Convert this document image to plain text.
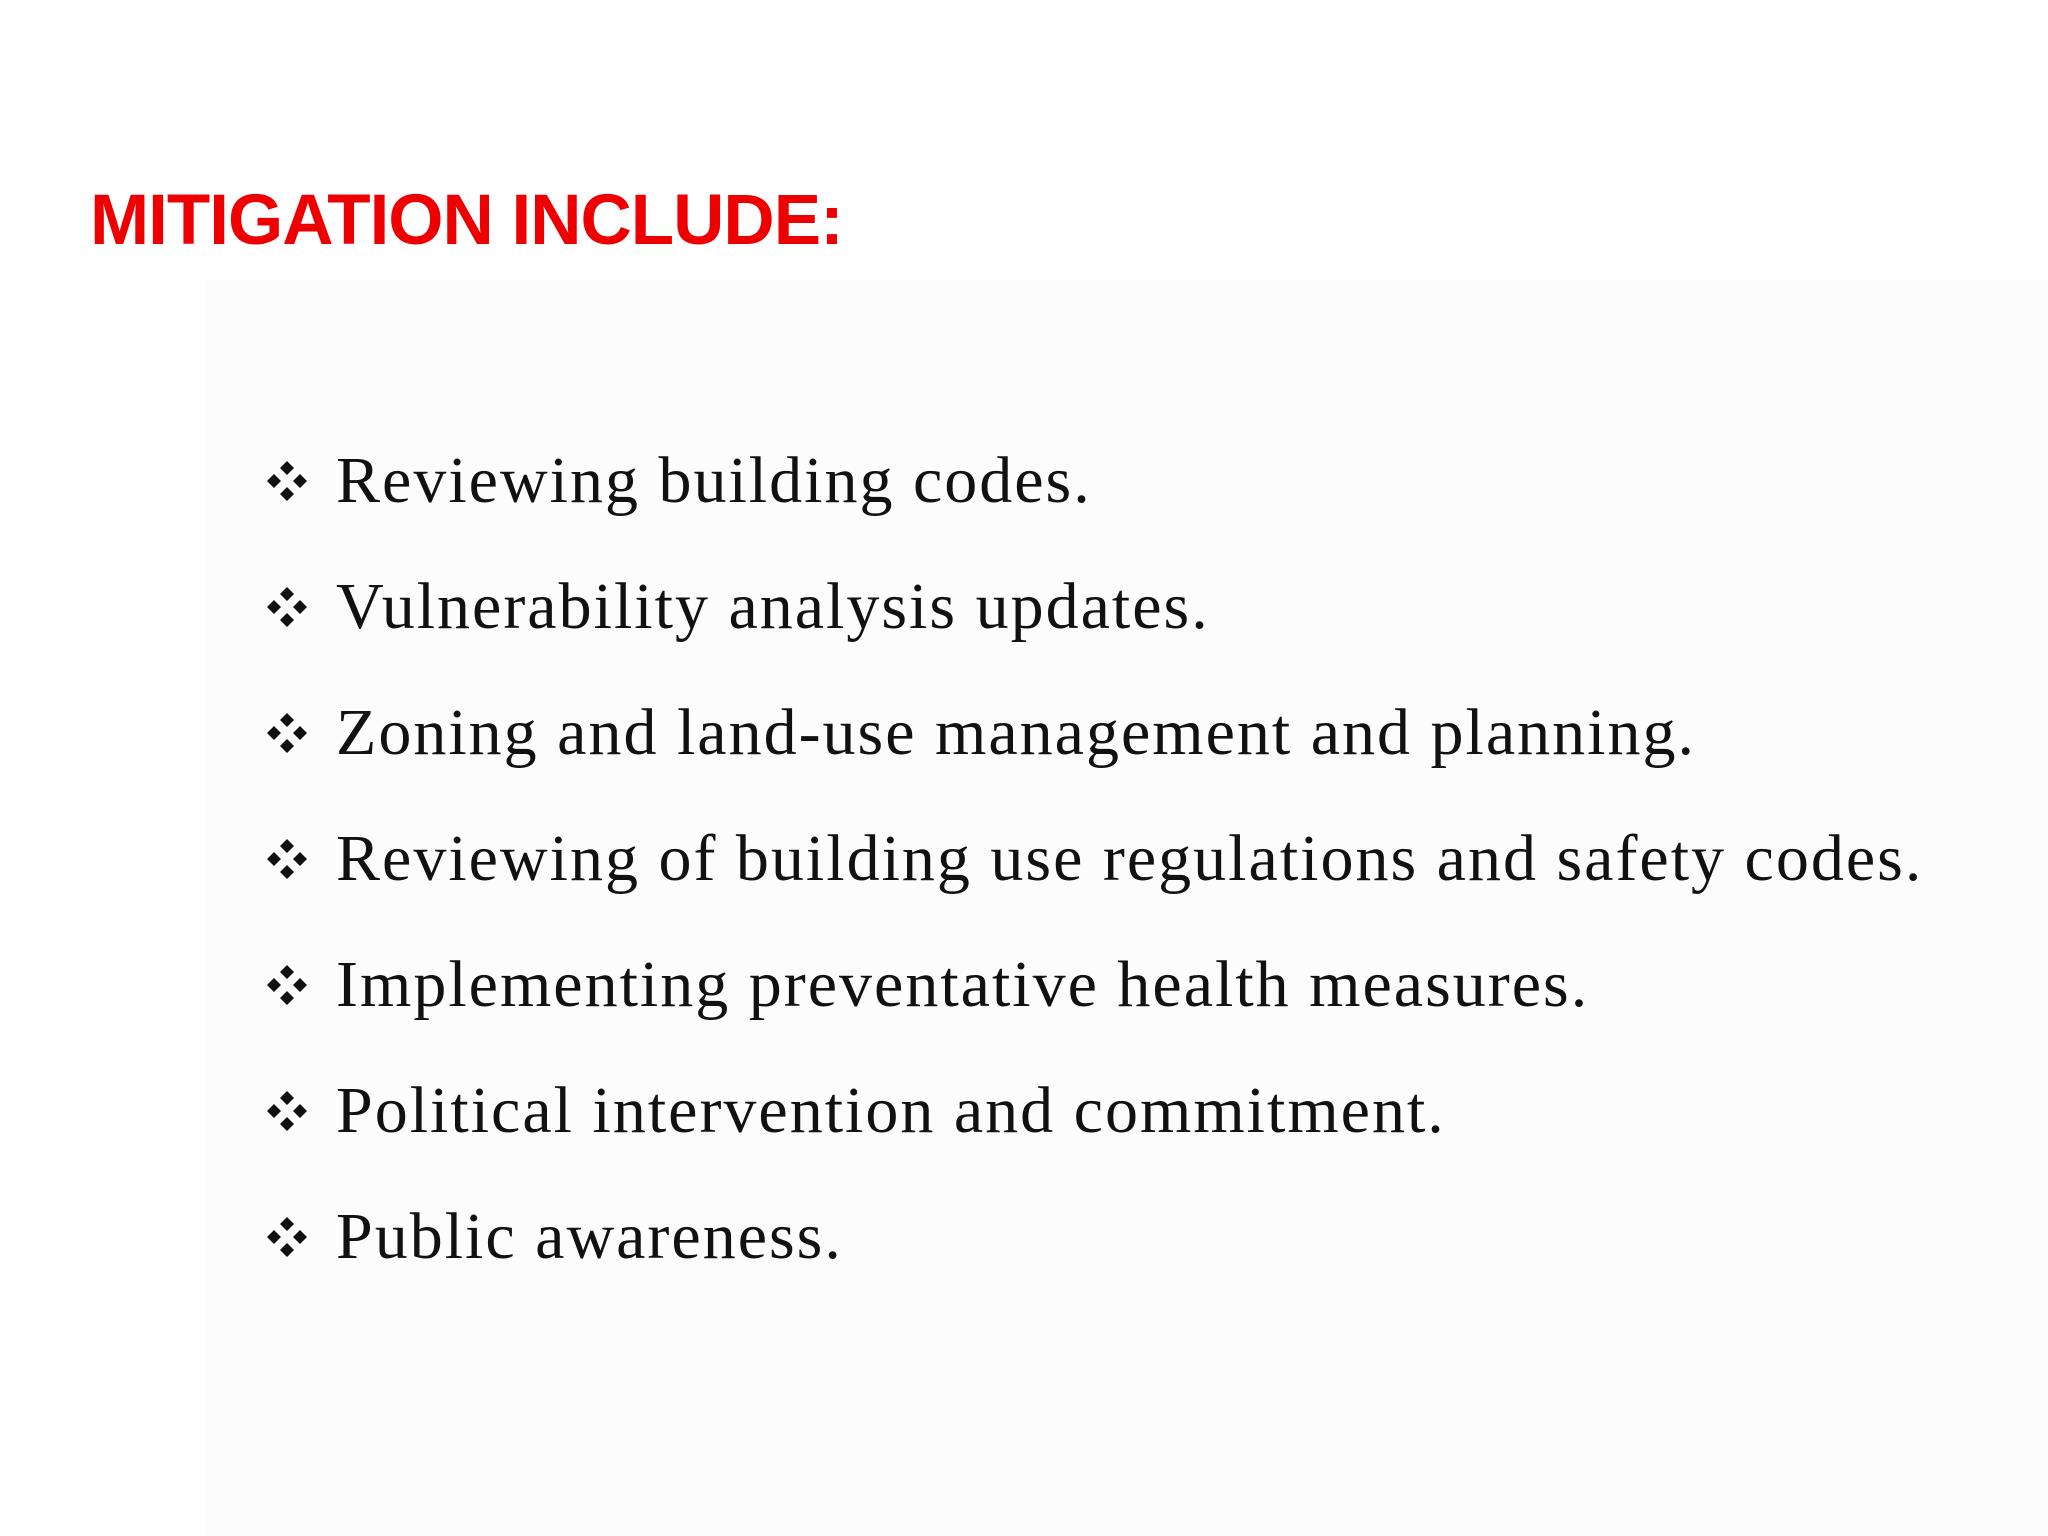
MITIGATION INCLUDE:
Reviewing building codes.
Vulnerability analysis updates.
Zoning and land-use management and planning.
Reviewing of building use regulations and safety codes.
Implementing preventative health measures.
Political intervention and commitment.
Public awareness.
